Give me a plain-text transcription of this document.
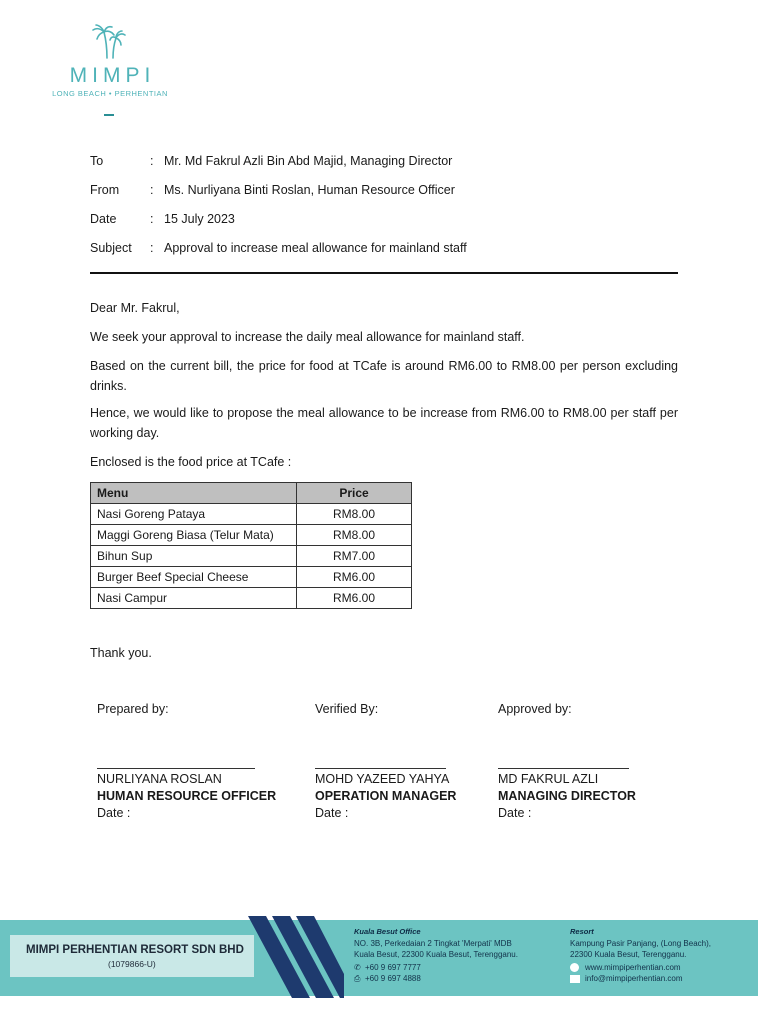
MIMPI
LONG BEACH • PERHENTIAN
To	: Mr. Md Fakrul Azli Bin Abd Majid, Managing Director
From : Ms. Nurliyana Binti Roslan, Human Resource Officer
Date	: 15 July 2023
Subject : Approval to increase meal allowance for mainland staff
Dear Mr. Fakrul,
We seek your approval to increase the daily meal allowance for mainland staff.
Based on the current bill, the price for food at TCafe is around RM6.00 to RM8.00 per person excluding drinks.
Hence, we would like to propose the meal allowance to be increase from RM6.00 to RM8.00 per staff per working day.
Enclosed is the food price at TCafe :
Menu	Price
Nasi Goreng Pataya	RM8.00
Maggi Goreng Biasa (Telur Mata)	RM8.00
Bihun Sup	RM7.00
Burger Beef Special Cheese	RM6.00
Nasi Campur	RM6.00
Thank you.
Prepared by:
NURLIYANA ROSLAN
HUMAN RESOURCE OFFICER
Date :
Verified By:
MOHD YAZEED YAHYA
OPERATION MANAGER
Date :
Approved by:
MD FAKRUL AZLI
MANAGING DIRECTOR
Date :
MIMPI PERHENTIAN RESORT SDN BHD
(1079866-U)
Kuala Besut Office
NO. 3B, Perkedaian 2 Tingkat 'Merpati' MDB
Kuala Besut, 22300 Kuala Besut, Terengganu.
✆ +60 9 697 7777
⎙ +60 9 697 4888
Resort
Kampung Pasir Panjang, (Long Beach),
22300 Kuala Besut, Terengganu.
www.mimpiperhentian.com
info@mimpiperhentian.com
